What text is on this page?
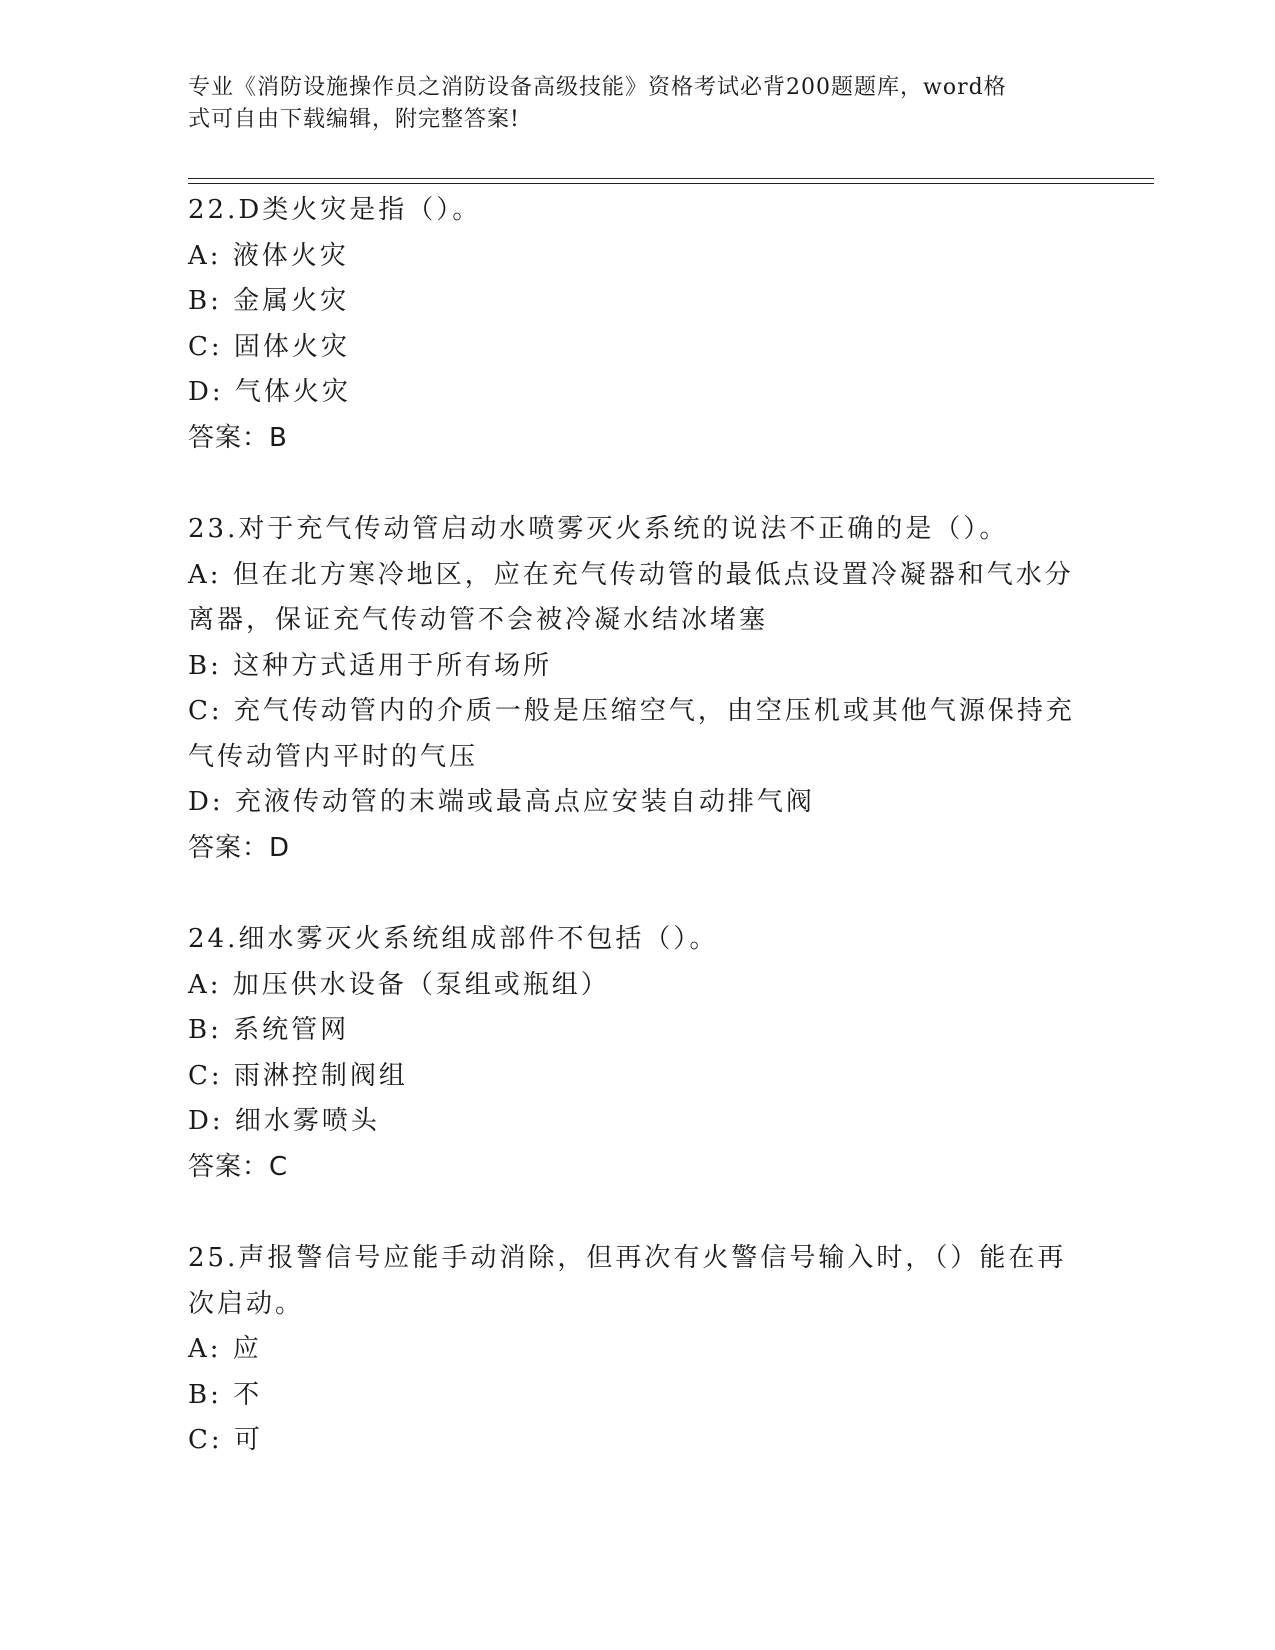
专业《消防设施操作员之消防设备高级技能》资格考试必背200题题库，word格
式可自由下载编辑，附完整答案!
22.D类火灾是指（）。
A: 液体火灾
B: 金属火灾
C: 固体火灾
D: 气体火灾
答案：B
23.对于充气传动管启动水喷雾灭火系统的说法不正确的是（）。
A: 但在北方寒冷地区，应在充气传动管的最低点设置冷凝器和气水分离器，保证充气传动管不会被冷凝水结冰堵塞
B: 这种方式适用于所有场所
C: 充气传动管内的介质一般是压缩空气，由空压机或其他气源保持充气传动管内平时的气压
D: 充液传动管的末端或最高点应安装自动排气阀
答案：D
24.细水雾灭火系统组成部件不包括（）。
A: 加压供水设备（泵组或瓶组）
B: 系统管网
C: 雨淋控制阀组
D: 细水雾喷头
答案：C
25.声报警信号应能手动消除，但再次有火警信号输入时，（）能在再次启动。
A: 应
B: 不
C: 可
